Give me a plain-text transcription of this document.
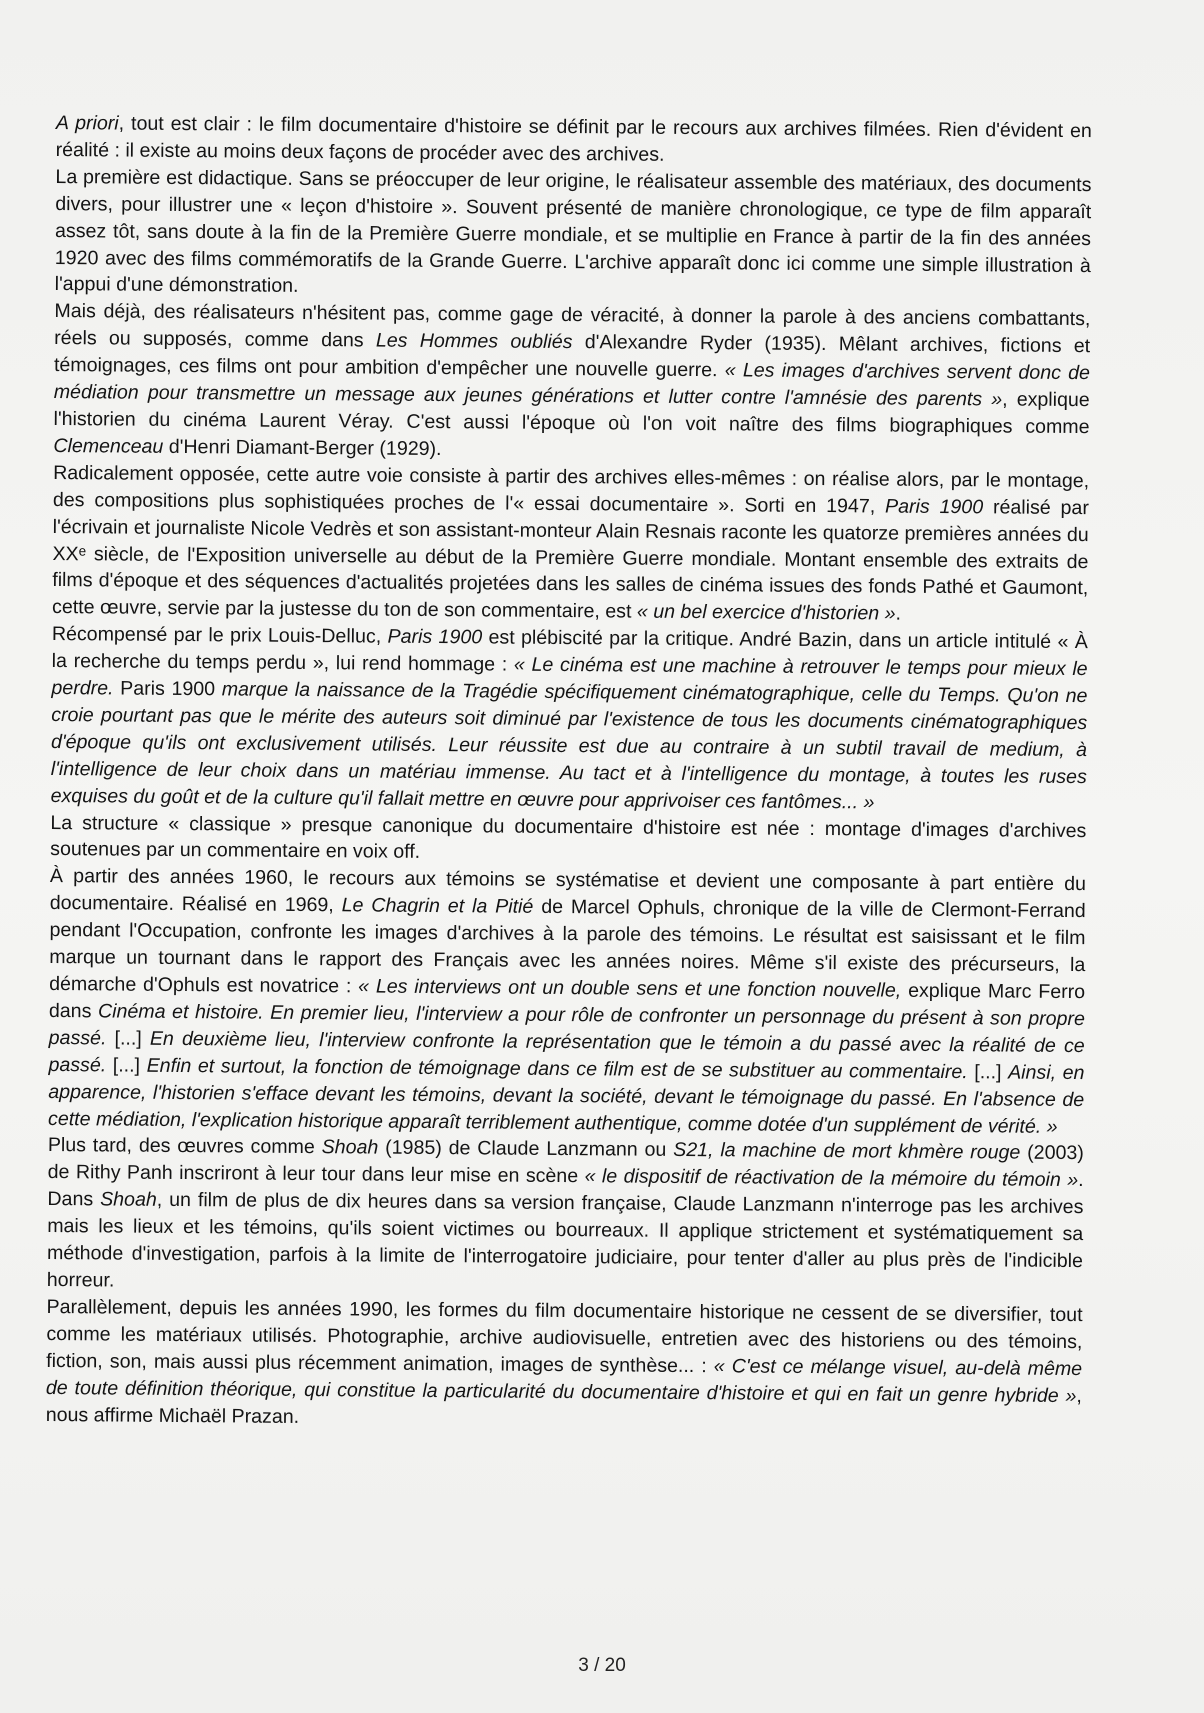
A priori, tout est clair : le film documentaire d'histoire se définit par le recours aux archives filmées. Rien d'évident en réalité : il existe au moins deux façons de procéder avec des archives.

La première est didactique. Sans se préoccuper de leur origine, le réalisateur assemble des matériaux, des documents divers, pour illustrer une « leçon d'histoire ». Souvent présenté de manière chronologique, ce type de film apparaît assez tôt, sans doute à la fin de la Première Guerre mondiale, et se multiplie en France à partir de la fin des années 1920 avec des films commémoratifs de la Grande Guerre. L'archive apparaît donc ici comme une simple illustration à l'appui d'une démonstration.

Mais déjà, des réalisateurs n'hésitent pas, comme gage de véracité, à donner la parole à des anciens combattants, réels ou supposés, comme dans Les Hommes oubliés d'Alexandre Ryder (1935). Mêlant archives, fictions et témoignages, ces films ont pour ambition d'empêcher une nouvelle guerre. « Les images d'archives servent donc de médiation pour transmettre un message aux jeunes générations et lutter contre l'amnésie des parents », explique l'historien du cinéma Laurent Véray. C'est aussi l'époque où l'on voit naître des films biographiques comme Clemenceau d'Henri Diamant-Berger (1929).

Radicalement opposée, cette autre voie consiste à partir des archives elles-mêmes : on réalise alors, par le montage, des compositions plus sophistiquées proches de l'« essai documentaire ». Sorti en 1947, Paris 1900 réalisé par l'écrivain et journaliste Nicole Vedrès et son assistant-monteur Alain Resnais raconte les quatorze premières années du XXᵉ siècle, de l'Exposition universelle au début de la Première Guerre mondiale. Montant ensemble des extraits de films d'époque et des séquences d'actualités projetées dans les salles de cinéma issues des fonds Pathé et Gaumont, cette œuvre, servie par la justesse du ton de son commentaire, est « un bel exercice d'historien ».

Récompensé par le prix Louis-Delluc, Paris 1900 est plébiscité par la critique. André Bazin, dans un article intitulé « À la recherche du temps perdu », lui rend hommage : « Le cinéma est une machine à retrouver le temps pour mieux le perdre. Paris 1900 marque la naissance de la Tragédie spécifiquement cinématographique, celle du Temps. Qu'on ne croie pourtant pas que le mérite des auteurs soit diminué par l'existence de tous les documents cinématographiques d'époque qu'ils ont exclusivement utilisés. Leur réussite est due au contraire à un subtil travail de medium, à l'intelligence de leur choix dans un matériau immense. Au tact et à l'intelligence du montage, à toutes les ruses exquises du goût et de la culture qu'il fallait mettre en œuvre pour apprivoiser ces fantômes... »

La structure « classique » presque canonique du documentaire d'histoire est née : montage d'images d'archives soutenues par un commentaire en voix off.

À partir des années 1960, le recours aux témoins se systématise et devient une composante à part entière du documentaire. Réalisé en 1969, Le Chagrin et la Pitié de Marcel Ophuls, chronique de la ville de Clermont-Ferrand pendant l'Occupation, confronte les images d'archives à la parole des témoins. Le résultat est saisissant et le film marque un tournant dans le rapport des Français avec les années noires. Même s'il existe des précurseurs, la démarche d'Ophuls est novatrice : « Les interviews ont un double sens et une fonction nouvelle, explique Marc Ferro dans Cinéma et histoire. En premier lieu, l'interview a pour rôle de confronter un personnage du présent à son propre passé. [...] En deuxième lieu, l'interview confronte la représentation que le témoin a du passé avec la réalité de ce passé. [...] Enfin et surtout, la fonction de témoignage dans ce film est de se substituer au commentaire. [...] Ainsi, en apparence, l'historien s'efface devant les témoins, devant la société, devant le témoignage du passé. En l'absence de cette médiation, l'explication historique apparaît terriblement authentique, comme dotée d'un supplément de vérité. »

Plus tard, des œuvres comme Shoah (1985) de Claude Lanzmann ou S21, la machine de mort khmère rouge (2003) de Rithy Panh inscriront à leur tour dans leur mise en scène « le dispositif de réactivation de la mémoire du témoin ». Dans Shoah, un film de plus de dix heures dans sa version française, Claude Lanzmann n'interroge pas les archives mais les lieux et les témoins, qu'ils soient victimes ou bourreaux. Il applique strictement et systématiquement sa méthode d'investigation, parfois à la limite de l'interrogatoire judiciaire, pour tenter d'aller au plus près de l'indicible horreur.

Parallèlement, depuis les années 1990, les formes du film documentaire historique ne cessent de se diversifier, tout comme les matériaux utilisés. Photographie, archive audiovisuelle, entretien avec des historiens ou des témoins, fiction, son, mais aussi plus récemment animation, images de synthèse... : « C'est ce mélange visuel, au-delà même de toute définition théorique, qui constitue la particularité du documentaire d'histoire et qui en fait un genre hybride », nous affirme Michaël Prazan.

3 / 20
